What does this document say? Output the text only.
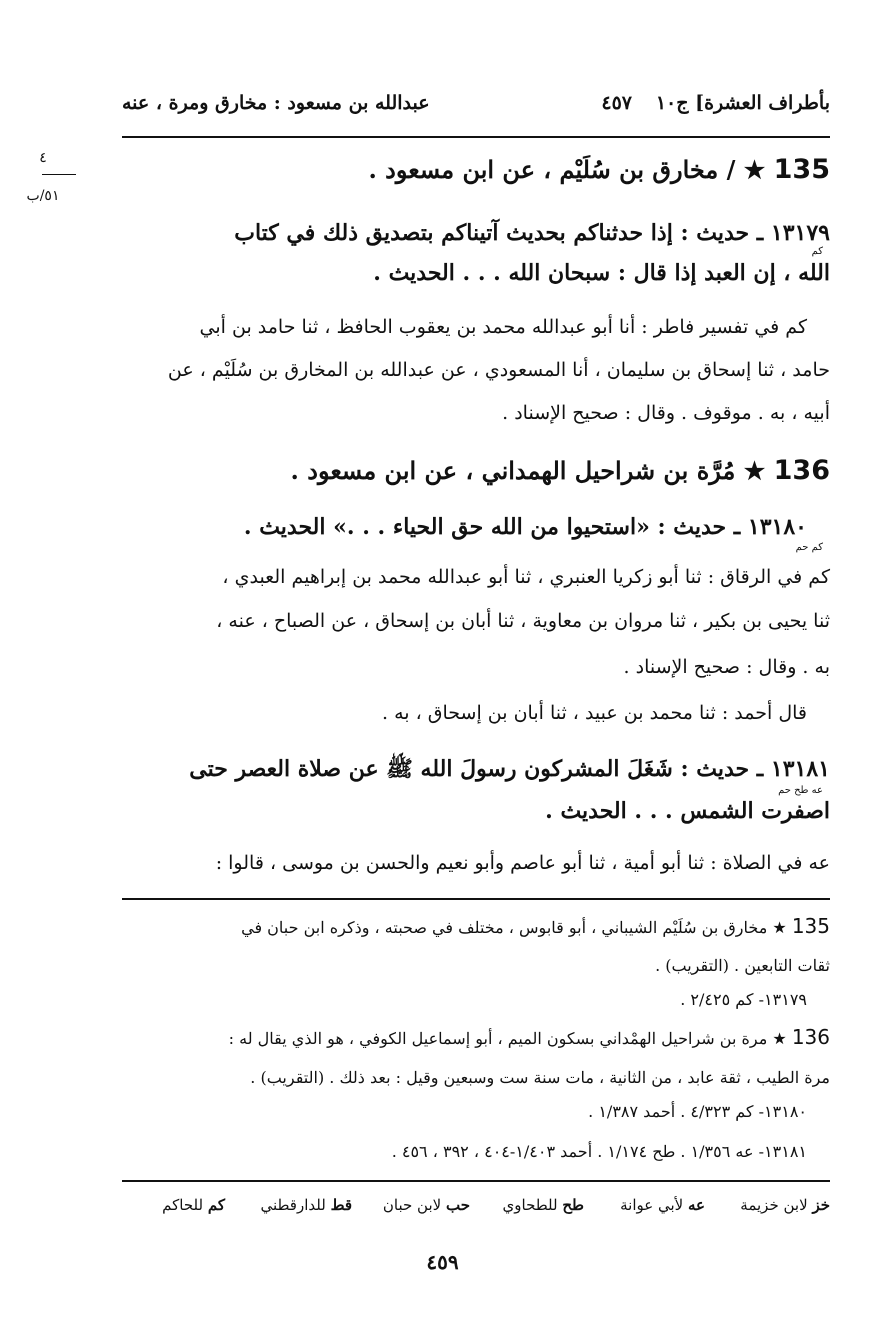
بأطراف العشرة] ج١٠
٤٥٧
عبدالله بن مسعود : مخارق ومرة ، عنه
٤
٥١/ب
135 ★ / مخارق بن سُلَيْم ، عن ابن مسعود .
١٣١٧٩ ـ حديث : إذا حدثناكم بحديث آتيناكم بتصديق ذلك في كتاب
كم
الله ، إن العبد إذا قال : سبحان الله . . . الحديث .
كم في تفسير فاطر : أنا أبو عبدالله محمد بن يعقوب الحافظ ، ثنا حامد بن أبي
حامد ، ثنا إسحاق بن سليمان ، أنا المسعودي ، عن عبدالله بن المخارق بن سُلَيْم ، عن
أبيه ، به . موقوف . وقال : صحيح الإسناد .
136 ★ مُرَّة بن شراحيل الهمداني ، عن ابن مسعود .
١٣١٨٠ ـ حديث : «استحيوا من الله حق الحياء . . .» الحديث .
كم حم
كم في الرقاق : ثنا أبو زكريا العنبري ، ثنا أبو عبدالله محمد بن إبراهيم العبدي ،
ثنا يحيى بن بكير ، ثنا مروان بن معاوية ، ثنا أبان بن إسحاق ، عن الصباح ، عنه ،
به . وقال : صحيح الإسناد .
قال أحمد : ثنا محمد بن عبيد ، ثنا أبان بن إسحاق ، به .
١٣١٨١ ـ حديث : شَغَلَ المشركون رسولَ الله ﷺ عن صلاة العصر حتى
عه طح حم
اصفرت الشمس . . . الحديث .
عه في الصلاة : ثنا أبو أمية ، ثنا أبو عاصم وأبو نعيم والحسن بن موسى ، قالوا :
135 ★ مخارق بن سُلَيْم الشيباني ، أبو قابوس ، مختلف في صحبته ، وذكره ابن حبان في
ثقات التابعين . (التقريب) .
١٣١٧٩- كم ٢/٤٢٥ .
136 ★ مرة بن شراحيل الهمْداني بسكون الميم ، أبو إسماعيل الكوفي ، هو الذي يقال له :
مرة الطيب ، ثقة عابد ، من الثانية ، مات سنة ست وسبعين وقيل : بعد ذلك . (التقريب) .
١٣١٨٠- كم ٤/٣٢٣ . أحمد ١/٣٨٧ .
١٣١٨١- عه ١/٣٥٦ . طح ١/١٧٤ . أحمد ١/٤٠٣-٤٠٤ ، ٣٩٢ ، ٤٥٦ .
خز لابن خزيمة
عه لأبي عوانة
طح للطحاوي
حب لابن حبان
قط للدارقطني
كم للحاكم
٤٥٩
